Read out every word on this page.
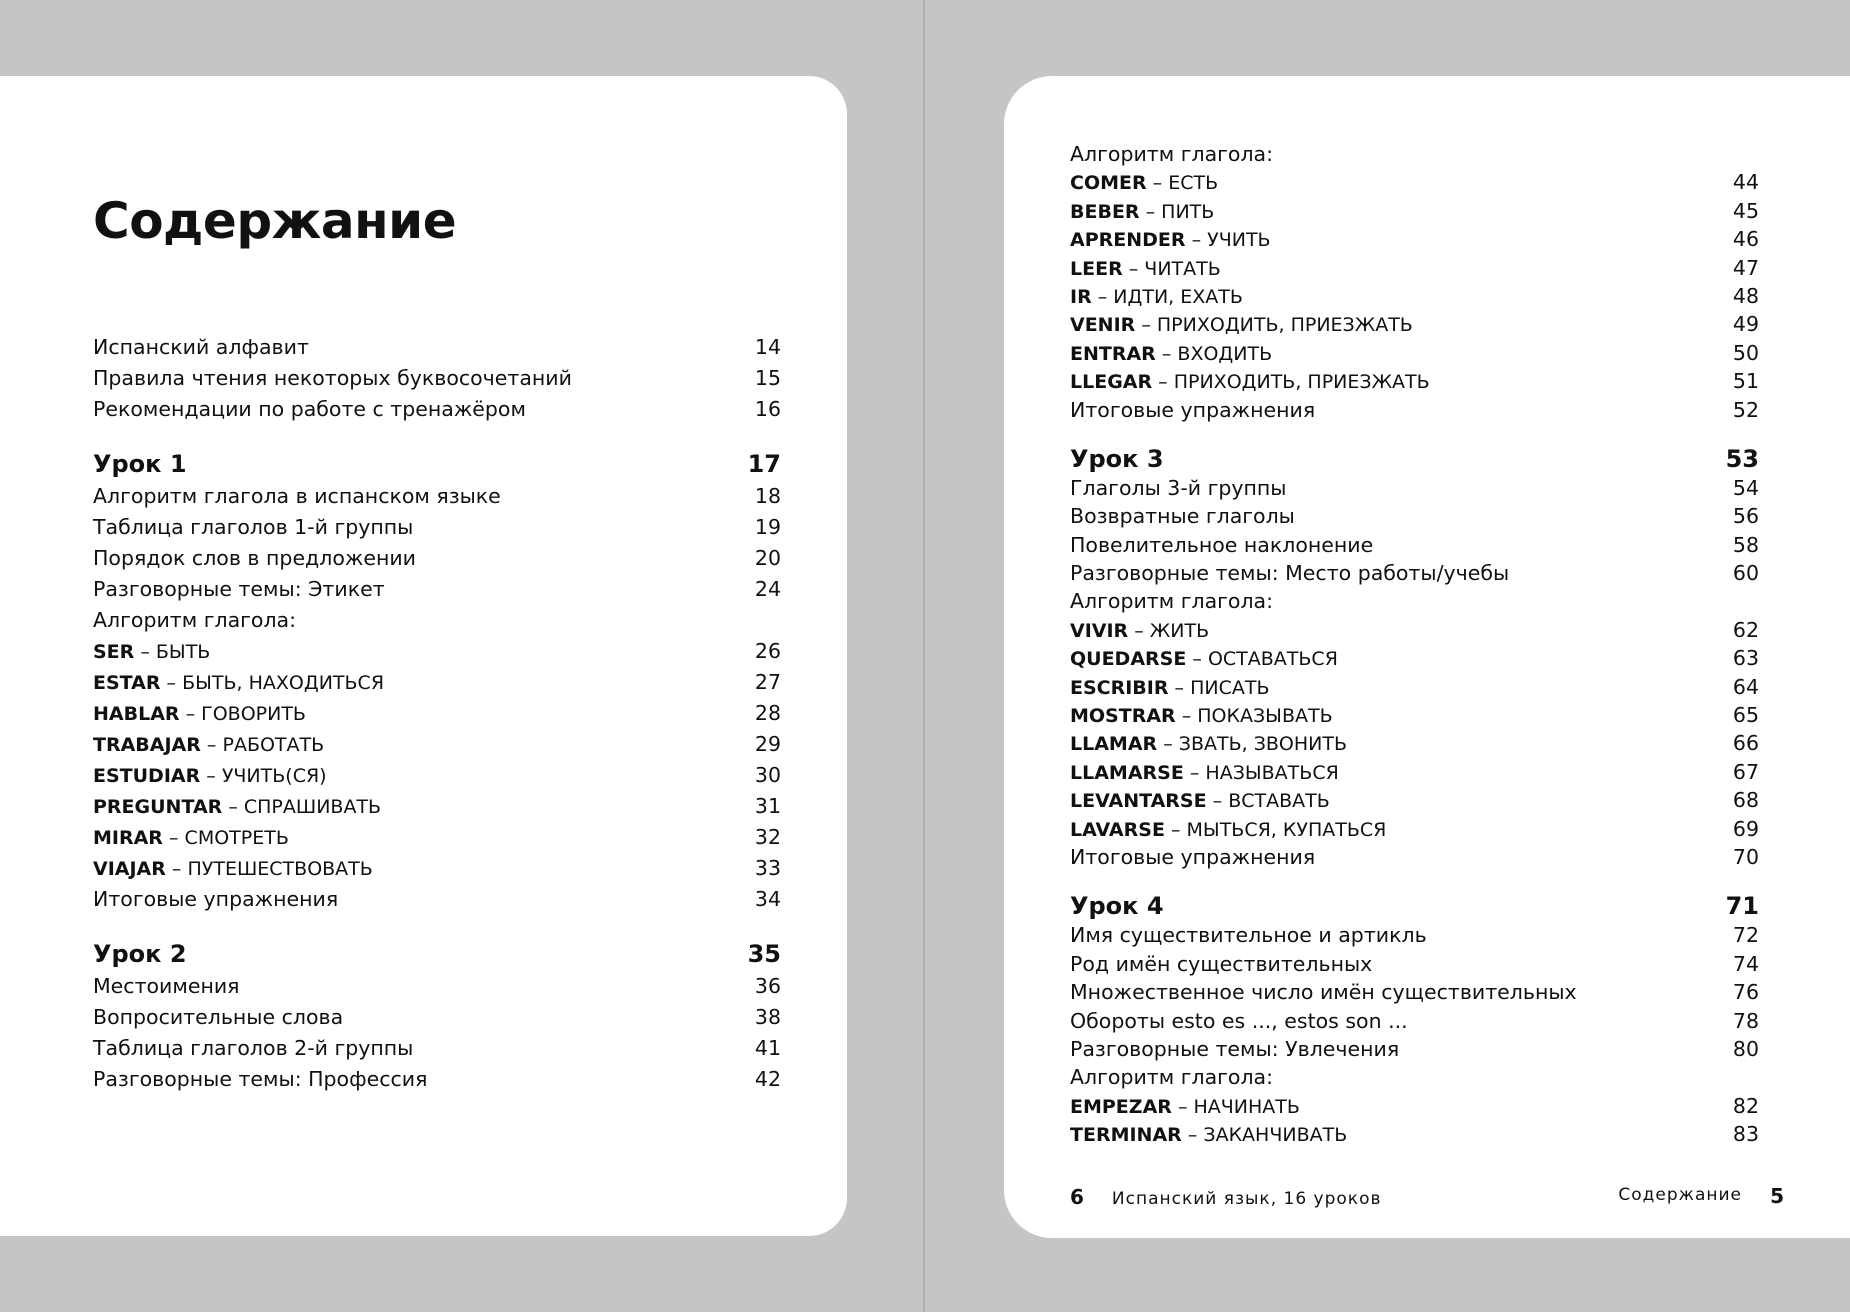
Содержание
Испанский алфавит	14
Правила чтения некоторых буквосочетаний	15
Рекомендации по работе с тренажёром	16
Урок 1	17
Алгоритм глагола в испанском языке	18
Таблица глаголов 1-й группы	19
Порядок слов в предложении	20
Разговорные темы: Этикет	24
Алгоритм глагола:
SER – БЫТЬ	26
ESTAR – БЫТЬ, НАХОДИТЬСЯ	27
HABLAR – ГОВОРИТЬ	28
TRABAJAR – РАБОТАТЬ	29
ESTUDIAR – УЧИТЬ(СЯ)	30
PREGUNTAR – СПРАШИВАТЬ	31
MIRAR – СМОТРЕТЬ	32
VIAJAR – ПУТЕШЕСТВОВАТЬ	33
Итоговые упражнения	34
Урок 2	35
Местоимения	36
Вопросительные слова	38
Таблица глаголов 2-й группы	41
Разговорные темы: Профессия	42
Алгоритм глагола:
COMER – ЕСТЬ	44
BEBER – ПИТЬ	45
APRENDER – УЧИТЬ	46
LEER – ЧИТАТЬ	47
IR – ИДТИ, ЕХАТЬ	48
VENIR – ПРИХОДИТЬ, ПРИЕЗЖАТЬ	49
ENTRAR – ВХОДИТЬ	50
LLEGAR – ПРИХОДИТЬ, ПРИЕЗЖАТЬ	51
Итоговые упражнения	52
Урок 3	53
Глаголы 3-й группы	54
Возвратные глаголы	56
Повелительное наклонение	58
Разговорные темы: Место работы/учебы	60
Алгоритм глагола:
VIVIR – ЖИТЬ	62
QUEDARSE – ОСТАВАТЬСЯ	63
ESCRIBIR – ПИСАТЬ	64
MOSTRAR – ПОКАЗЫВАТЬ	65
LLAMAR – ЗВАТЬ, ЗВОНИТЬ	66
LLAMARSE – НАЗЫВАТЬСЯ	67
LEVANTARSE – ВСТАВАТЬ	68
LAVARSE – МЫТЬСЯ, КУПАТЬСЯ	69
Итоговые упражнения	70
Урок 4	71
Имя существительное и артикль	72
Род имён существительных	74
Множественное число имён существительных	76
Обороты esto es ..., estos son ...	78
Разговорные темы: Увлечения	80
Алгоритм глагола:
EMPEZAR – НАЧИНАТЬ	82
TERMINAR – ЗАКАНЧИВАТЬ	83
Содержание 5
6 Испанский язык, 16 уроков
